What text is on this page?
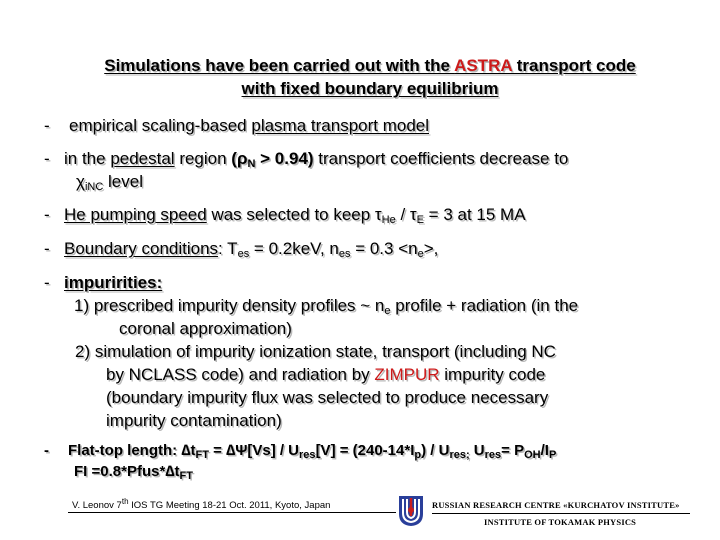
Simulations have been carried out with the ASTRA transport code
with fixed boundary equilibrium
- empirical scaling-based plasma transport model
- in the pedestal region $(\rho_N > 0.94)$ transport coefficients decrease to
$\chi_{iNC}$ level
- He pumping speed was selected to keep $\tau_{He} / \tau_E = 3$ at 15 MA
- Boundary conditions: $T_{es} = 0.2keV$, $n_{es} = 0.3 <n_e>$,
- impuririties:
1) prescribed impurity density profiles ~ $n_e$ profile + radiation (in the
coronal approximation)
2) simulation of impurity ionization state, transport (including NC
by NCLASS code) and radiation by ZIMPUR impurity code
(boundary impurity flux was selected to produce necessary
impurity contamination)
- Flat-top length: $\Delta t_{FT} = \Delta\Psi[Vs] / U_{res}[V] = (240-14*I_p) / U_{res;}$ $U_{res}= P_{OH}/I_P$
FI $=0.8*Pfus*\Delta t_{FT}$
V. Leonov 7th IOS TG Meeting 18-21 Oct. 2011, Kyoto, Japan	RUSSIAN RESEARCH CENTRE «KURCHATOV INSTITUTE»
INSTITUTE OF TOKAMAK PHYSICS
